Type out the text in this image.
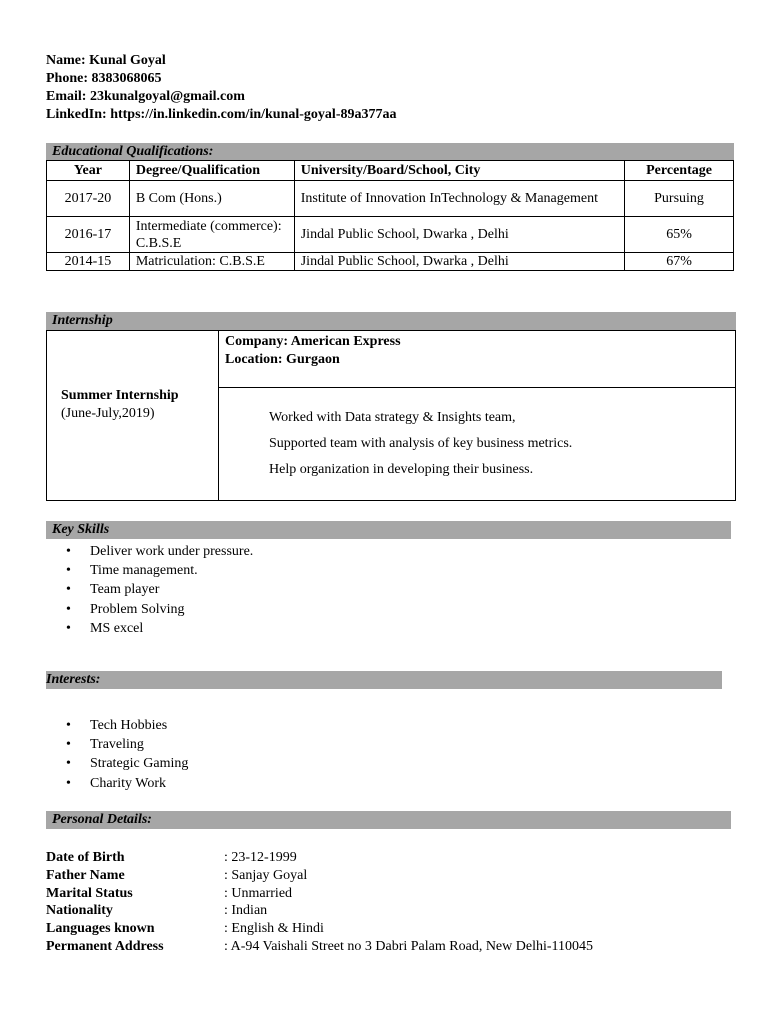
Name: Kunal Goyal
Phone: 8383068065
Email: 23kunalgoyal@gmail.com
LinkedIn: https://in.linkedin.com/in/kunal-goyal-89a377aa
Educational Qualifications:
Year	Degree/Qualification	University/Board/School, City	Percentage
2017-20	B Com (Hons.)	Institute of Innovation InTechnology & Management	Pursuing
2016-17	Intermediate (commerce): C.B.S.E	Jindal Public School, Dwarka , Delhi	65%
2014-15	Matriculation: C.B.S.E	Jindal Public School, Dwarka , Delhi	67%
Internship
Summer Internship
(June-July,2019)
Company: American Express
Location: Gurgaon
Worked with Data strategy & Insights team,
Supported team with analysis of key business metrics.
Help organization in developing their business.
Key Skills
• Deliver work under pressure.
• Time management.
• Team player
• Problem Solving
• MS excel
Interests:
• Tech Hobbies
• Traveling
• Strategic Gaming
• Charity Work
Personal Details:
Date of Birth	: 23-12-1999
Father Name	: Sanjay Goyal
Marital Status	: Unmarried
Nationality	: Indian
Languages known	: English & Hindi
Permanent Address	: A-94 Vaishali Street no 3 Dabri Palam Road, New Delhi-110045
